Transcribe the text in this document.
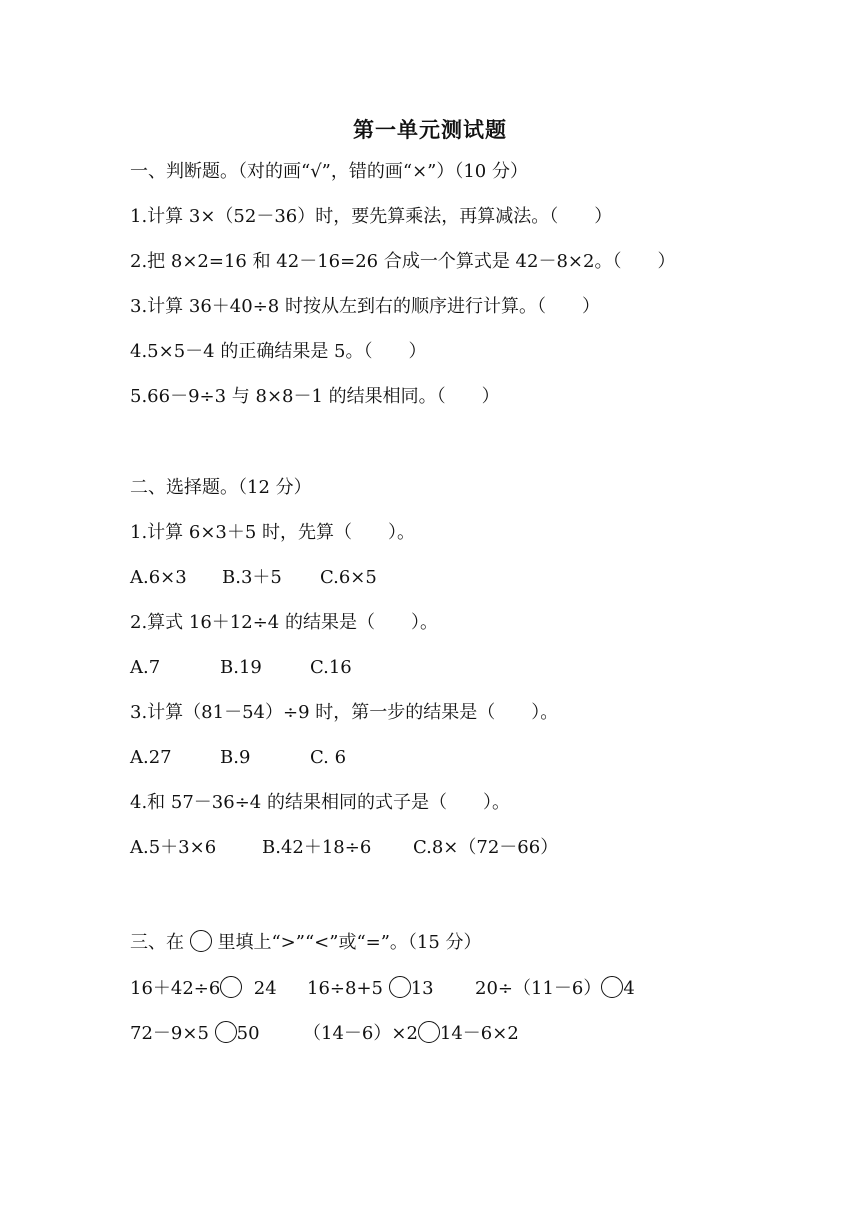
第一单元测试题
一、判断题。（对的画“√”，错的画“×”）（10 分）
1.计算 3×（52－36）时，要先算乘法，再算减法。（　　）
2.把 8×2=16 和 42－16=26 合成一个算式是 42－8×2。（　　）
3.计算 36＋40÷8 时按从左到右的顺序进行计算。（　　）
4.5×5－4 的正确结果是 5。（　　）
5.66－9÷3 与 8×8－1 的结果相同。（　　）
二、选择题。（12 分）
1.计算 6×3＋5 时，先算（　　）。
A.6×3 B.3＋5 C.6×5
2.算式 16＋12÷4 的结果是（　　）。
A.7	B.19	C.16
3.计算（81－54）÷9 时，第一步的结果是（　　）。
A.27	B.9	C. 6
4.和 57－36÷4 的结果相同的式子是（　　）。
A.5＋3×6	B.42＋18÷6 C.8×（72－66）
三、在 里填上“>”“<”或“=”。（15 分）
16＋42÷6 24 16÷8+5 13 20÷（11－6） 4
72－9×5 50 （14－6）×2 14－6×2
